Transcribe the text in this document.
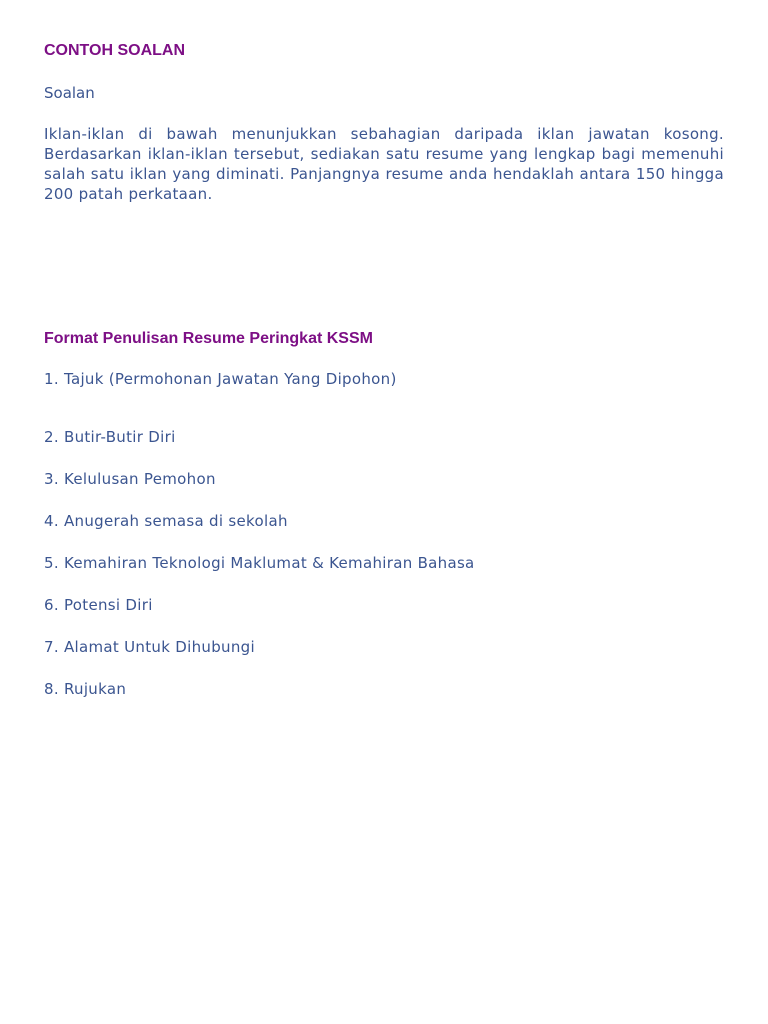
CONTOH SOALAN

Soalan

Iklan-iklan di bawah menunjukkan sebahagian daripada iklan jawatan kosong. Berdasarkan iklan-iklan tersebut, sediakan satu resume yang lengkap bagi memenuhi salah satu iklan yang diminati. Panjangnya resume anda hendaklah antara 150 hingga 200 patah perkataan.

Format Penulisan Resume Peringkat KSSM
1. Tajuk (Permohonan Jawatan Yang Dipohon)
2. Butir-Butir Diri
3. Kelulusan Pemohon
4. Anugerah semasa di sekolah
5. Kemahiran Teknologi Maklumat & Kemahiran Bahasa
6. Potensi Diri
7. Alamat Untuk Dihubungi
8. Rujukan
